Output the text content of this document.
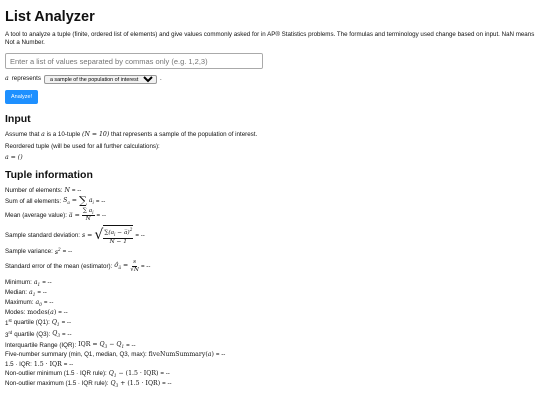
List Analyzer

A tool to analyze a tuple (finite, ordered list of elements) and give values commonly asked for in AP® Statistics problems. The formulas and terminology used change based on input. NaN means Not a Number.

Enter a list of values separated by commas only (e.g. 1,2,3)
a represents
a sample of the population of interest	.
Analyze!
Input

Assume that a is a 10-tuple (N = 10) that represents a sample of the population of interest.

Reordered tuple (will be used for all further calculations):

a = ()

Tuple information
Number of elements: N = --
Sum of all elements: $S_a$ = ∑ $a_i$ = --
Mean (average value): a̅ = $\frac{\sum a_i}{N}$ = --
Sample standard deviation: s = √ $\frac{\sum(a_i - a̅)^2}{N - 1}$ = --
Sample variance: $s^2$ = --
Standard error of the mean (estimator): $\sigmâ_{a̅} = \frac{s}{√N}$ = --
Minimum: $a_1$ = --
Median: $a_1$ = --
Maximum: $a_0$ = --
Modes: modes(a) = --
1st quartile (Q1): $Q_1$ = --
3rd quartile (Q3): $Q_3$ = --
Interquartile Range (IQR): IQR = $Q_3 - Q_1$ = --
Five-number summary (min, Q1, median, Q3, max): fiveNumSummary(a) = --
1.5 · IQR: 1.5 · IQR = --
Non-outlier minimum (1.5 · IQR rule): $Q_1 - (1.5 \cdot IQR)$ = --
Non-outlier maximum (1.5 · IQR rule): $Q_3 + (1.5 \cdot IQR)$ = --
